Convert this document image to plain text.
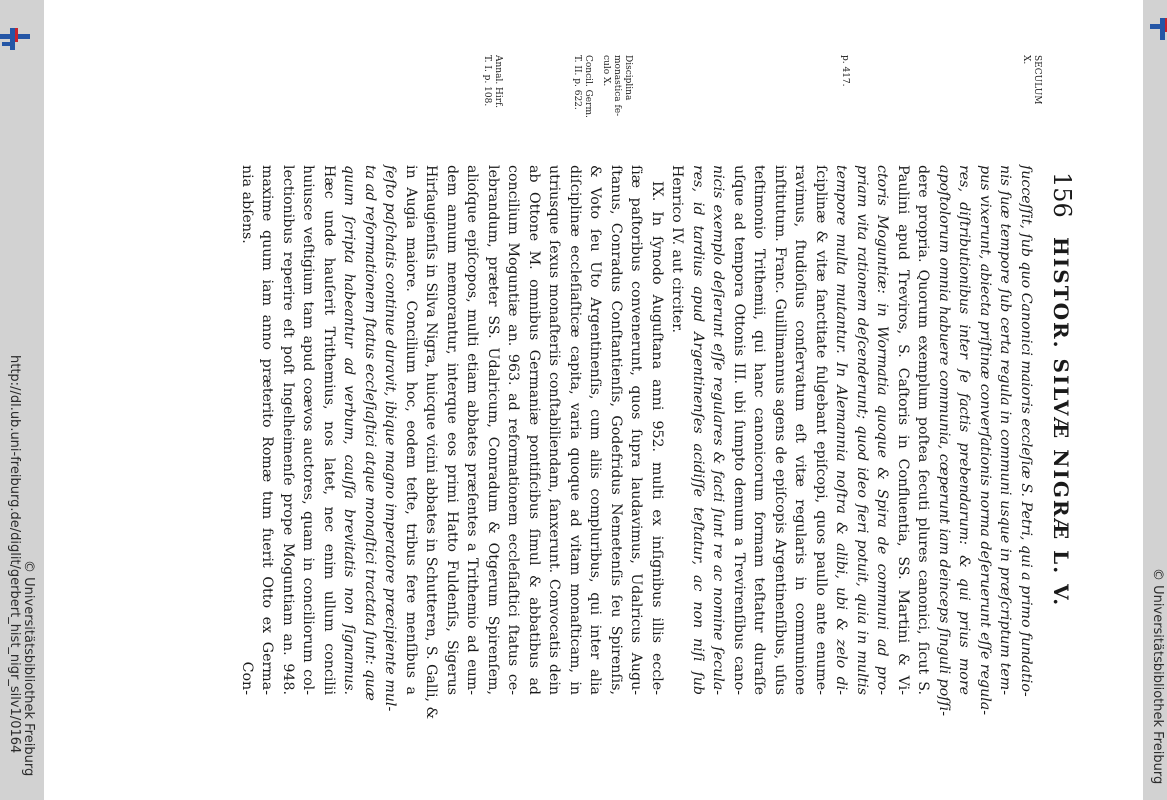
http://dl.ub.uni-freiburg.de/diglit/gerbert_hist_nigr_silv1/0164 © Universitätsbibliothek Freiburg	© Universitätsbibliothek Freiburg
156
HISTOR. SILVÆ NIGRÆ L. V.
SECULUM
X.
p. 417.
Disciplina
monastica fe-
culo X.
Concil. Germ.
T. II. p. 622.
Annal. Hirf.
T. I. p. 108.
ſucceſſit, ſub quo Canonici maioris eccleſiæ S. Petri, qui a primo fundatio-
nis ſuæ tempore ſub certa regula in communi usque in præſcriptum tem-
pus vixerunt, abiecta priſtinæ converſationis norma deſeruerunt eſſe regula-
res, diſtributionibus inter ſe factis prebendarum: & qui prius more
apoſtolorum omnia habuere communia, cœperunt iam deinceps ſinguli poſſi-
dere propria. Quorum exemplum poſtea ſecuti plures canonici, ſicut S.
Paulini apud Treviros, S. Caſtoris in Confluentia, SS. Martini & Vi-
ctoris Moguntiæ: in Wormatia quoque & Spira de communi ad pro-
priam vita rationem deſcenderunt; quod ideo fieri potuit, quia in multis
tempore multa mutantur. In Alemannia noſtra & alibi, ubi & zelo di-
ſciplinæ & vitæ ſanctitate fulgebant epiſcopi, quos paullo ante enume-
ravimus, ſtudioſius conſervatum eſt vitæ regularis in communione
inſtitutum. Franc. Guillimannus agens de epiſcopis Argentinenſibus, uſus
teſtimonio Trithemii, qui hanc canonicorum formam teſtatur duraſſe
uſque ad tempora Ottonis III. ubi ſumpto demum a Trevirenſibus cano-
nicis exemplo deſierunt eſſe regulares & facti ſunt re ac nomine ſecula-
res, id tardius apud Argentinenſes acidiſſe teſtatur, ac non niſi ſub
Henrico IV. aut circiter.
IX. In ſynodo Auguſtana anni 952. multi ex inſignibus illis eccle-
ſiæ paſtoribus convenerunt, quos ſupra laudavimus, Udalricus Augu-
ſtanus, Conradus Conſtantienſis, Godefridus Nemetenſis ſeu Spirenſis,
& Voto ſeu Uto Argentinenſis, cum aliis compluribus, qui inter alia
diſciplinæ eccleſiaſticæ capita, varia quoque ad vitam monaſticam, in
utriusque ſexus monaſteriis conſtabiliendam, ſanxerunt. Convocatis dein
ab Ottone M. omnibus Germaniæ pontificibus ſimul & abbatibus ad
concilium Moguntiæ an. 963. ad reformationem eccleſiaſtici ſtatus ce-
lebrandum, præter SS. Udalricum, Conradum & Otgerum Spirenſem,
alioſque epiſcopos, multi etiam abbates præſentes a Trithemio ad eum-
dem annum memorantur, interque eos primi Hatto Fuldenſis, Sigerus
Hirſaugienſis in Silva Nigra, huicque vicini abbates in Schutteren, S. Galli, &
in Augia maiore. Concilium hoc, eodem teſte, tribus fere menſibus a
feſto paſchatis continue duravit, ibique magno imperatore præcipiente mul-
ta ad reformationem ſtatus eccleſiaſtici atque monaſtici tractata ſunt: quæ
quum ſcripta habeantur ad verbum, cauſſa brevitatis non ſignamus.
Hæc unde hauſerit Trithemius, nos latet, nec enim ullum concilii
huiusce veſtigium tam apud coævos auctores, quam in conciliorum col-
lectionibus reperire eſt poſt Ingelheimenſe prope Moguntiam an. 948.
maxime quum iam anno præterito Romæ tum fuerit Otto ex Germa-
nia abſens.
Con-
